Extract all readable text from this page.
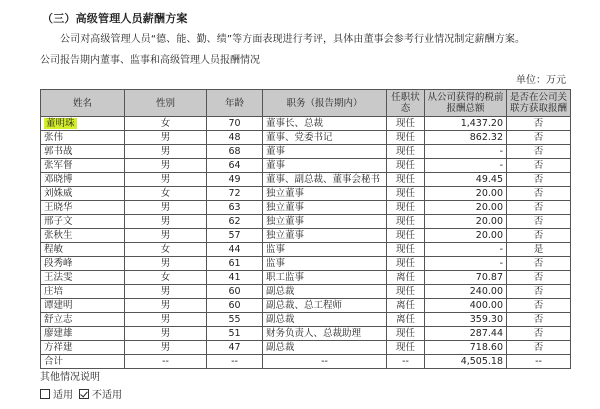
（三）高级管理人员薪酬方案
公司对高级管理人员“德、能、勤、绩”等方面表现进行考评，具体由董事会参考行业情况制定薪酬方案。
公司报告期内董事、监事和高级管理人员报酬情况
单位：万元
姓名	性别	年龄	职务（报告期内）	任职状态	从公司获得的税前报酬总额	是否在公司关联方获取报酬
董明珠	女	70	董事长、总裁	现任	1,437.20	否
张伟	男	48	董事、党委书记	现任	862.32	否
郭书战	男	68	董事	现任	-	否
张军督	男	64	董事	现任	-	否
邓晓博	男	49	董事、副总裁、董事会秘书	现任	49.45	否
刘姝威	女	72	独立董事	现任	20.00	否
王晓华	男	63	独立董事	现任	20.00	否
邢子文	男	62	独立董事	现任	20.00	否
张秋生	男	57	独立董事	现任	20.00	否
程敏	女	44	监事	现任	-	是
段秀峰	男	61	监事	现任	-	否
王法雯	女	41	职工监事	离任	70.87	否
庄培	男	60	副总裁	现任	240.00	否
谭建明	男	60	副总裁、总工程师	离任	400.00	否
舒立志	男	55	副总裁	离任	359.30	否
廖建雄	男	51	财务负责人、总裁助理	现任	287.44	否
方祥建	男	47	副总裁	现任	718.60	否
合计	--	--	--	--	4,505.18	--
其他情况说明
适用 不适用
